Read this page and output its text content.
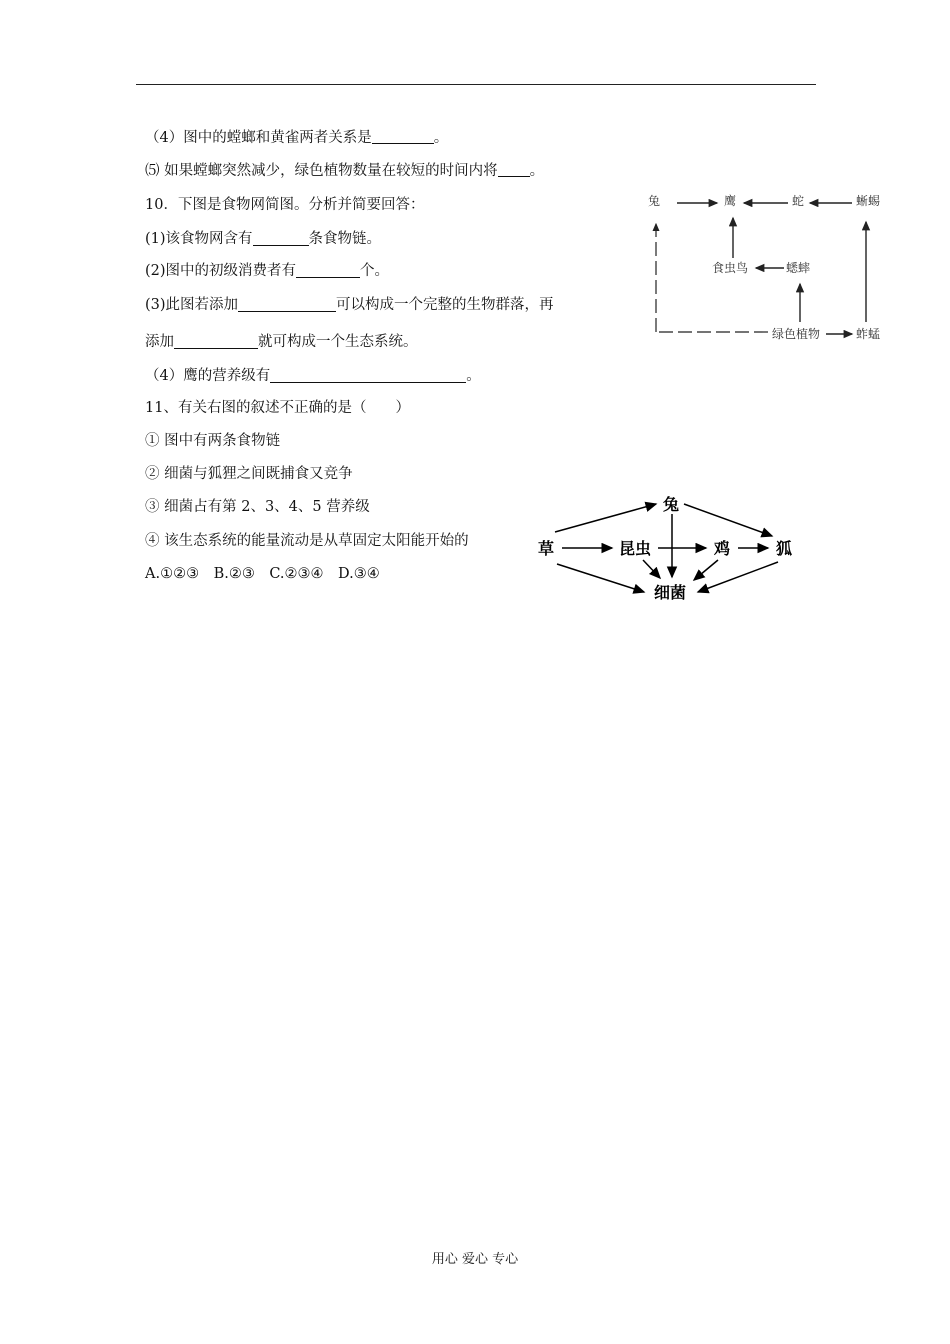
（4）图中的螳螂和黄雀两者关系是	。
⑸ 如果螳螂突然减少，绿色植物数量在较短的时间内将 。
10．下图是食物网简图。分析并简要回答：
(1)该食物网含有	条食物链。
(2)图中的初级消费者有	个。
(3)此图若添加	可以构成一个完整的生物群落，再
添加	就可构成一个生态系统。
（4）鹰的营养级有	。
11、有关右图的叙述不正确的是（　　）
① 图中有两条食物链
② 细菌与狐狸之间既捕食又竞争
③ 细菌占有第 2、3、4、5 营养级
④ 该生态系统的能量流动是从草固定太阳能开始的
A.①②③　B.②③　C.②③④　D.③④
兔	鹰	蛇	蜥蜴
食虫鸟	蟋蟀
绿色植物	蚱蜢
兔
草	昆虫	鸡	狐
细菌
用心 爱心 专心
